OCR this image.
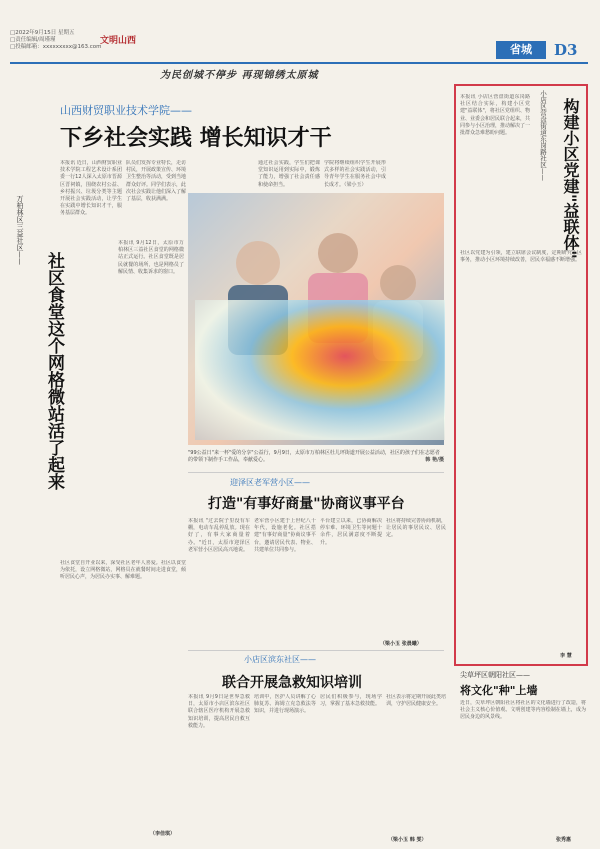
□2022年9月15日 星期五
□责任编辑/周瑾瑾
□投稿邮箱：xxxxxxxxx@163.com
文明山西
省城	D3
为民创城不停步 再现锦绣太原城
山西财贸职业技术学院——
下乡社会实践 增长知识才干
本报讯 近日，山西财贸职业技术学院工程艺术设计系团委一行12人深入太原市晋源区晋祠镇，围绕农村公益、乡村振兴、垃圾分类等主题开展社会实践活动，让学生在实践中增长知识才干，服务基层群众。
队员们发挥专业特长，走访村民，开展政策宣传、环境卫生整治等活动，受到当地群众好评。同学们表示，此次社会实践让他们深入了解了基层，收获满满。
通过社会实践，学生们把课堂知识运用到实际中，锻炼了能力，增强了社会责任感和使命担当。
学院将继续组织学生开展形式多样的社会实践活动，引导青年学生在服务社会中成长成才。（梁小玉）
"99公益日"来一杯"爱的分享"公益行，9月9日，太原市万柏林区杜儿坪街道开展公益活动，社区的孩子们在志愿者的带领下制作手工作品，奉献爱心。	韩 艳/摄
万柏林区三益社区——
社区食堂这个网格微站活了起来
本报讯 9月12日，太原市万柏林区三益社区食堂的网格微站正式运行。社区食堂既是居民就餐的场所，也是网格员了解民情、收集诉求的窗口。
社区食堂自开业以来，深受社区老年人喜爱。社区以食堂为依托，设立网格微站，网格员在就餐时间走进食堂，倾听居民心声，为居民办实事、解难题。
（李佳琪）
迎泽区老军营小区——
打造"有事好商量"协商议事平台
本报讯 "过去院子里没有车棚，电动车乱停乱放。现在好了，有事大家商量着办。"近日，太原市迎泽区老军营小区居民高兴地说。
老军营小区建于上世纪八十年代，设施老化。社区搭建"有事好商量"协商议事平台，邀请居民代表、物业、共建单位共同参与。
平台建立以来，已协商解决停车难、环境卫生等问题十余件，居民满意度不断提升。
社区将持续完善协商机制，让居民的事居民议、居民定。
（梁小玉 张晨曦）
小店区滨东社区——
联合开展急救知识培训
本报讯 9月9日是世界急救日，太原市小店区滨东社区联合辖区医疗机构开展急救知识培训，提高居民自救互救能力。
培训中，医护人员讲解了心肺复苏、海姆立克急救法等知识，并进行现场演示。
居民们积极参与，现场学习，掌握了基本急救技能。
社区表示将定期开展此类培训，守护居民健康安全。
（梁小玉 韩 雯）
小店区营盘街道东岗路社区—— 构建小区党建"益联体"
本报讯 小店区营盘街道东岗路社区结合实际，构建小区党建"益联体"，将社区党组织、物业、业委会和居民联合起来，共同参与小区治理，推动解决了一批群众急难愁盼问题。
社区以党建为引领，建立联席会议制度，定期研究小区事务，推动小区环境持续改善，居民幸福感不断增强。
李 慧
尖草坪区朝阳社区——
将文化"种"上墙
近日，尖草坪区朝阳社区将社区的文化墙进行了改造，将社会主义核心价值观、文明创建等内容绘制在墙上，成为居民身边的风景线。
张秀惠
